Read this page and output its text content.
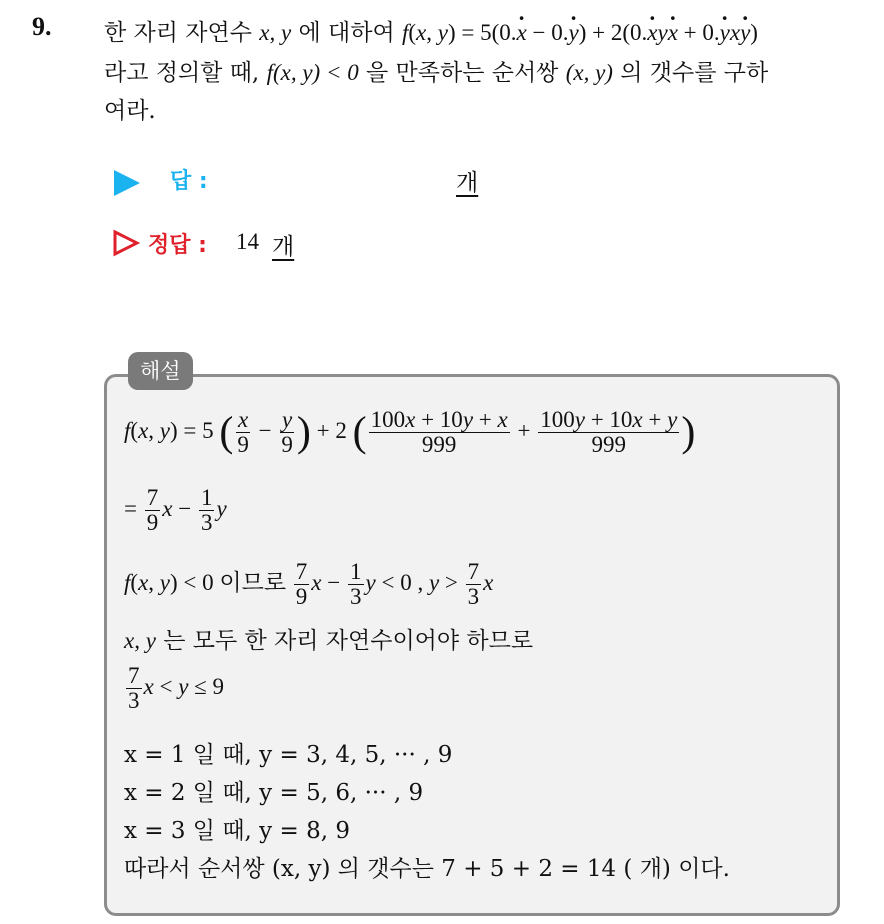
9. 한 자리 자연수 x, y 에 대하여 f(x, y) = 5(0.x · − 0.y ·) + 2(0.x ·yx · + 0.y ·xy ·)
라고 정의할 때, f(x, y) < 0 을 만족하는 순서쌍 (x, y) 의 갯수를 구하
여라.
답 :	개
정답 : 14 개
해설
f(x, y) = 5 ( $\frac{x}{9} - \frac{y}{9}$ ) + 2 ( $\frac{100x + 10y + x}{999} + \frac{100y + 10x + y}{999}$ )
= $\frac{7}{9}$ $x - \frac{1}{3}$ y
f(x, y) < 0 이므로 $\frac{7}{9}$ $x - \frac{1}{3}$ y < 0 , $y > \frac{7}{3}$ x
x, y 는 모두 한 자리 자연수이어야 하므로
$\frac{7}{3}$ x < y ≤ 9
x = 1 일 때, y = 3, 4, 5, ··· , 9
x = 2 일 때, y = 5, 6, ··· , 9
x = 3 일 때, y = 8, 9
따라서 순서쌍 (x, y) 의 갯수는 7 + 5 + 2 = 14 ( 개) 이다.
